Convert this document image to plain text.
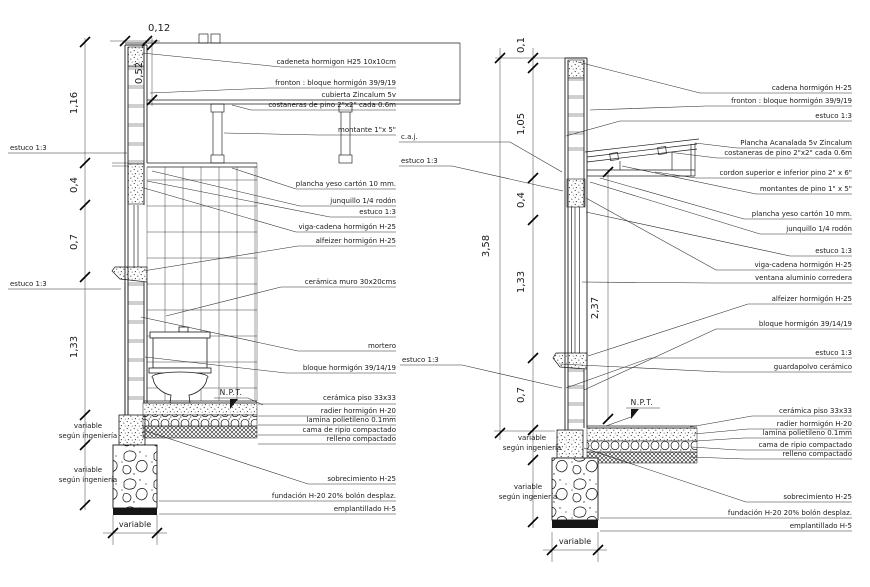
N.P.T.
1,16
0,4
0,7
1,33
variable
según ingeniería
variable
según ingeniería
0,12
0,52
variable
estuco 1:3
estuco 1:3
cadeneta hormigon H25 10x10cm
fronton : bloque hormigón 39/9/19
cubierta Zincalum 5v
costaneras de pino 2"x2" cada 0.6m
montante 1"x 5"
c.a.j.
estuco 1:3
plancha yeso cartón 10 mm.
junquillo 1/4 rodón
estuco 1:3
viga-cadena hormigón H-25
alfeizer hormigón H-25
cerámica muro 30x20cms
mortero
estuco 1:3
bloque hormigón 39/14/19
cerámica piso 33x33
radier hormigón H-20
lamina polietileno 0.1mm
cama de ripio compactado
relleno compactado
sobrecimiento H-25
fundación H-20 20% bolón desplaz.
emplantillado H-5
N.P.T.
0,1
1,05
0,4
1,33
0,7
3,58
2,37
variable
según ingeniería
variable
según ingeniería
variable
cadena hormigón H-25
fronton : bloque hormigón 39/9/19
estuco 1:3
Plancha Acanalada 5v Zincalum
costaneras de pino 2"x2" cada 0.6m
cordon superior e inferior pino 2" x 6"
montantes de pino 1" x 5"
plancha yeso cartón 10 mm.
junquillo 1/4 rodón
estuco 1:3
viga-cadena hormigón H-25
ventana aluminio corredera
alfeizer hormigón H-25
bloque hormigón 39/14/19
estuco 1:3
guardapolvo cerámico
cerámica piso 33x33
radier hormigón H-20
lamina polietileno 0.1mm
cama de ripio compactado
relleno compactado
sobrecimiento H-25
fundación H-20 20% bolón desplaz.
emplantillado H-5
